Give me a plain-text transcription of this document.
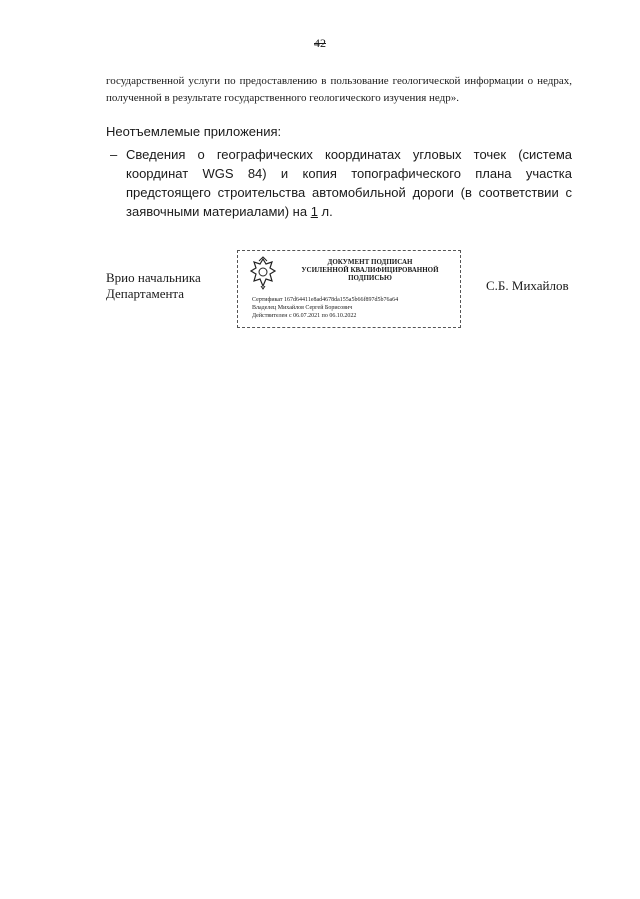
42
государственной услуги по предоставлению в пользование геологической информации о недрах, полученной в результате государственного геологического изучения недр».
Неотъемлемые приложения:
– Сведения о географических координатах угловых точек (система координат WGS 84) и копия топографического плана участка предстоящего строительства автомобильной дороги (в соответствии с заявочными материалами) на 1 л.
Врио начальника
Департамента
ДОКУМЕНТ ПОДПИСАН
УСИЛЕННОЙ КВАЛИФИЦИРОВАННОЙ
ПОДПИСЬЮ
Сертификат 167d64411e8ad4678da155a5b66f897d5b76a64
Владелец Михайлов Сергей Борисович
Действителен с 06.07.2021 по 06.10.2022
С.Б. Михайлов
